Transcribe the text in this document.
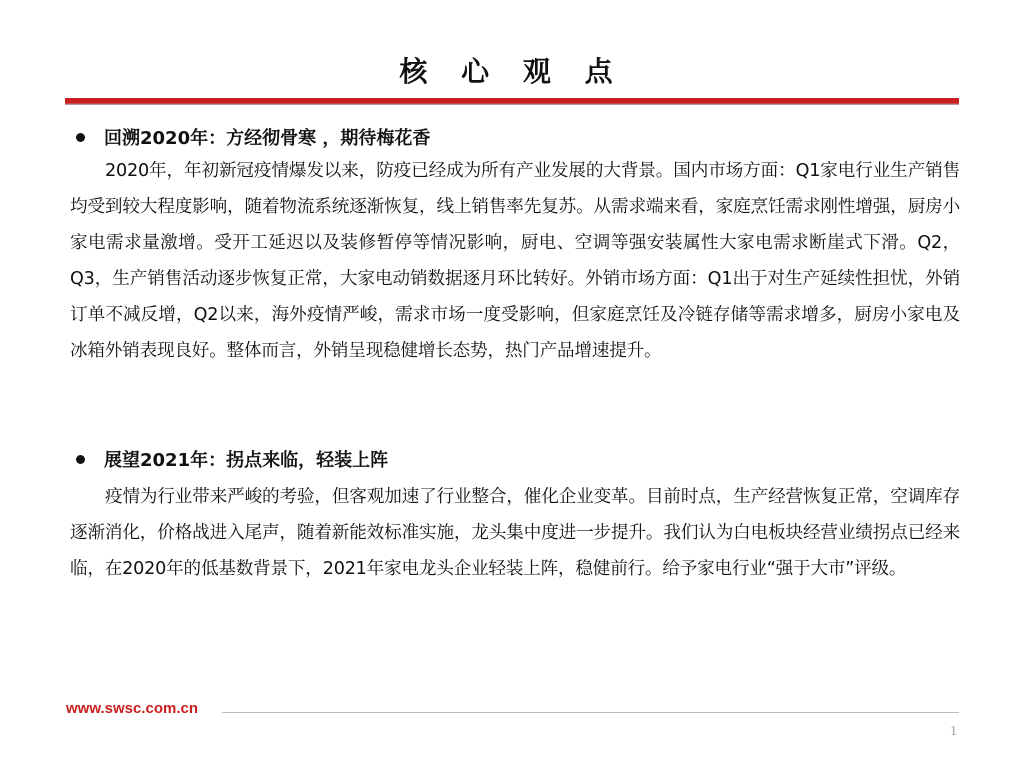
核 心 观 点
回溯2020年：方经彻骨寒 ，期待梅花香

2020年，年初新冠疫情爆发以来，防疫已经成为所有产业发展的大背景。国内市场方面：Q1家电行业生产销售均受到较大程度影响，随着物流系统逐渐恢复，线上销售率先复苏。从需求端来看，家庭烹饪需求刚性增强，厨房小家电需求量激增。受开工延迟以及装修暂停等情况影响，厨电、空调等强安装属性大家电需求断崖式下滑。Q2，Q3，生产销售活动逐步恢复正常，大家电动销数据逐月环比转好。外销市场方面：Q1出于对生产延续性担忧，外销订单不减反增，Q2以来，海外疫情严峻，需求市场一度受影响，但家庭烹饪及冷链存储等需求增多，厨房小家电及冰箱外销表现良好。整体而言，外销呈现稳健增长态势，热门产品增速提升。

展望2021年：拐点来临，轻装上阵

疫情为行业带来严峻的考验，但客观加速了行业整合，催化企业变革。目前时点，生产经营恢复正常，空调库存逐渐消化，价格战进入尾声，随着新能效标准实施，龙头集中度进一步提升。我们认为白电板块经营业绩拐点已经来临，在2020年的低基数背景下，2021年家电龙头企业轻装上阵，稳健前行。给予家电行业“强于大市”评级。

www.swsc.com.cn
1
